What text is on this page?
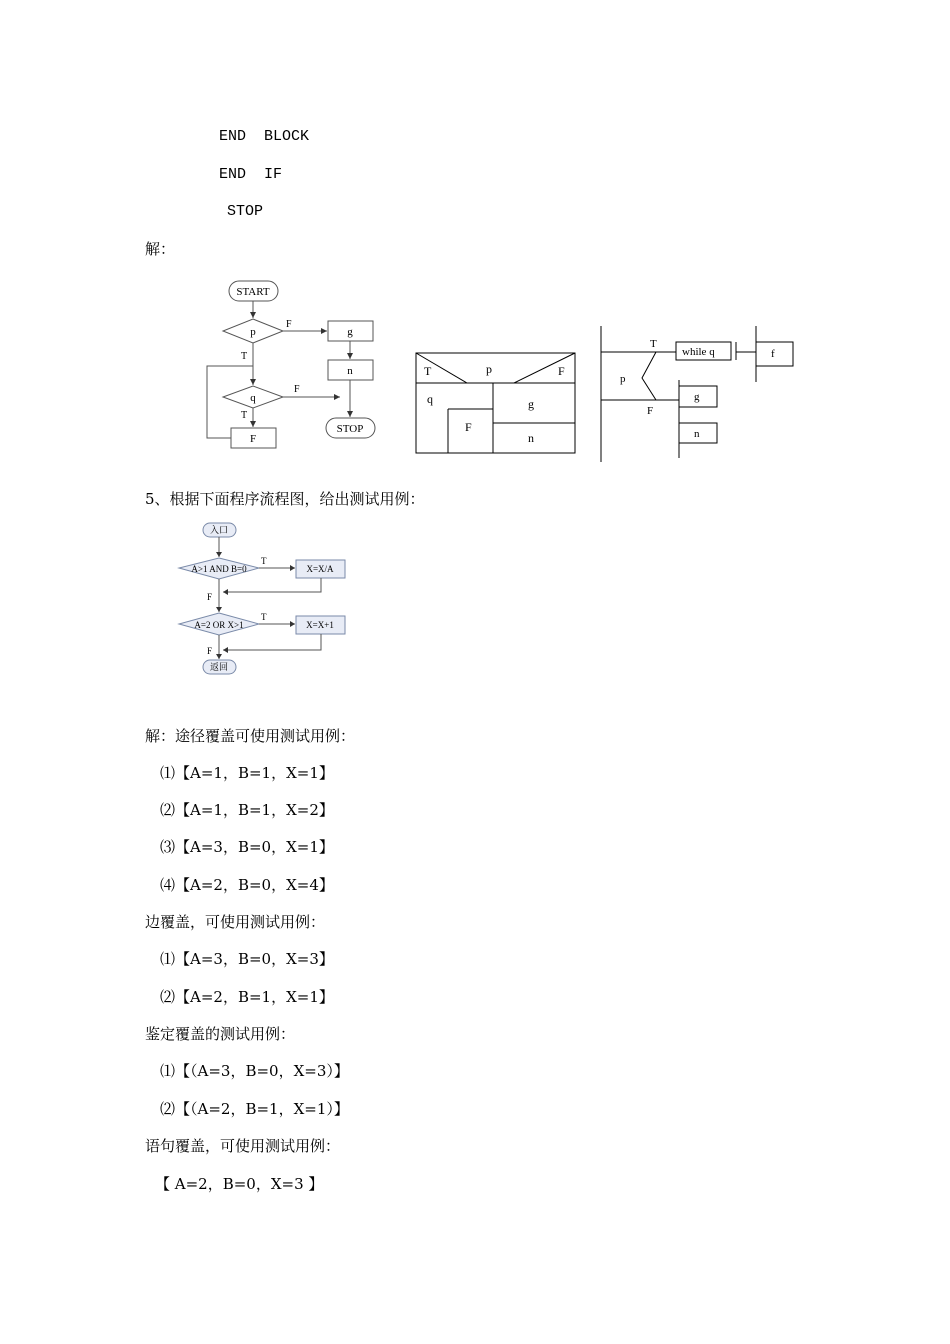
END  BLOCK
END  IF
STOP
解：
START
p	g
n
q
F
STOP
F
T
F
T
T	p	F
q	g
F
n
T
p
F
while q	f
g
n
5、根据下面程序流程图，给出测试用例：
入口
A>1 AND B=0	X=X/A
A=2 OR X>1	X=X+1
返回
T
F
T
F
解：途径覆盖可使用测试用例：
⑴【A=1，B=1，X=1】
⑵【A=1，B=1，X=2】
⑶【A=3，B=0，X=1】
⑷【A=2，B=0，X=4】
边覆盖，可使用测试用例：
⑴【A=3，B=0，X=3】
⑵【A=2，B=1，X=1】
鉴定覆盖的测试用例：
⑴【（A=3，B=0，X=3）】
⑵【（A=2，B=1，X=1）】
语句覆盖，可使用测试用例：
【 A=2，B=0，X=3 】
